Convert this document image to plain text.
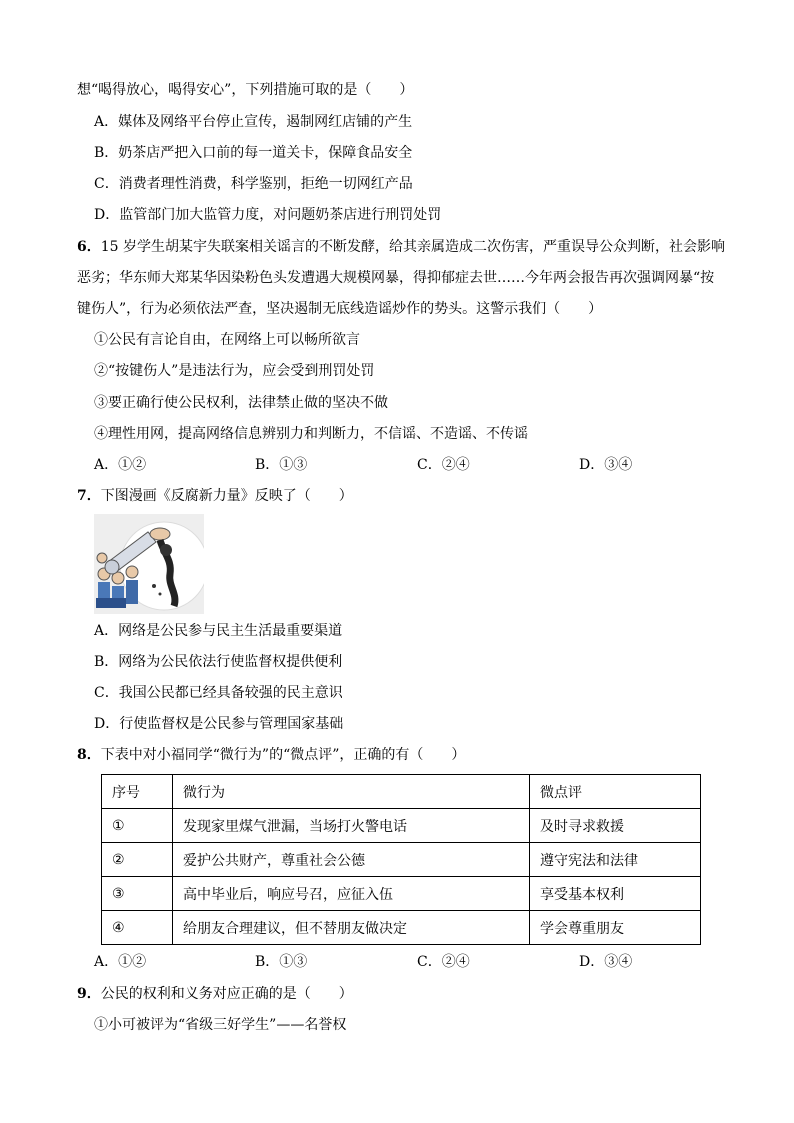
想“喝得放心，喝得安心”，下列措施可取的是（　　）
A．媒体及网络平台停止宣传，遏制网红店铺的产生
B．奶茶店严把入口前的每一道关卡，保障食品安全
C．消费者理性消费，科学鉴别，拒绝一切网红产品
D．监管部门加大监管力度，对问题奶茶店进行刑罚处罚
6．15 岁学生胡某宇失联案相关谣言的不断发酵，给其亲属造成二次伤害，严重误导公众判断，社会影响
恶劣；华东师大郑某华因染粉色头发遭遇大规模网暴，得抑郁症去世……今年两会报告再次强调网暴“按
键伤人”，行为必须依法严查，坚决遏制无底线造谣炒作的势头。这警示我们（　　）
①公民有言论自由，在网络上可以畅所欲言
②“按键伤人”是违法行为，应会受到刑罚处罚
③要正确行使公民权利，法律禁止做的坚决不做
④理性用网，提高网络信息辨别力和判断力，不信谣、不造谣、不传谣
A．①②	B．①③	C．②④	D．③④
7．下图漫画《反腐新力量》反映了（　　）
A．网络是公民参与民主生活最重要渠道
B．网络为公民依法行使监督权提供便利
C．我国公民都已经具备较强的民主意识
D．行使监督权是公民参与管理国家基础
8．下表中对小福同学“微行为”的“微点评”，正确的有（　　）
序号	微行为	微点评
①	发现家里煤气泄漏，当场打火警电话	及时寻求救援
②	爱护公共财产，尊重社会公德	遵守宪法和法律
③	高中毕业后，响应号召，应征入伍	享受基本权利
④	给朋友合理建议，但不替朋友做决定	学会尊重朋友
A．①②	B．①③	C．②④	D．③④
9．公民的权利和义务对应正确的是（　　）
①小可被评为“省级三好学生”——名誉权
